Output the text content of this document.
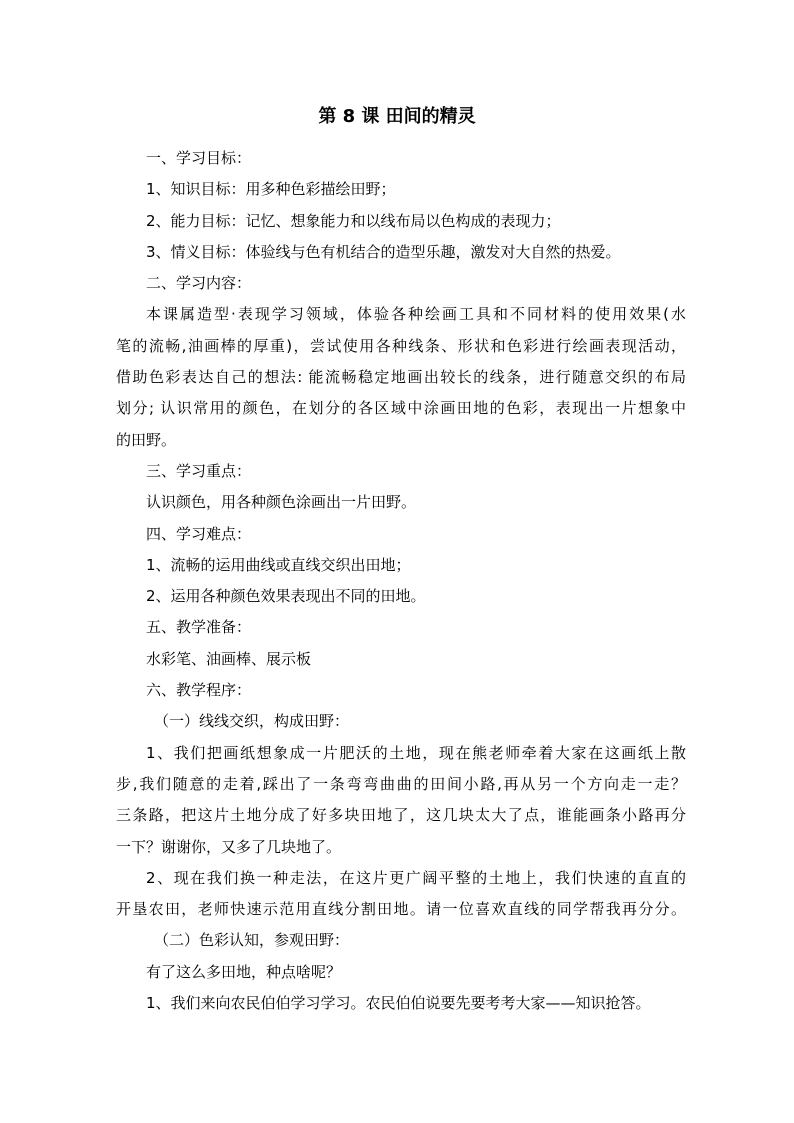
第 8 课 田间的精灵
一、学习目标：
1、知识目标：用多种色彩描绘田野；
2、能力目标：记忆、想象能力和以线布局以色构成的表现力；
3、情义目标：体验线与色有机结合的造型乐趣，激发对大自然的热爱。
二、学习内容：
本课属造型·表现学习领域，体验各种绘画工具和不同材料的使用效果(水
笔的流畅,油画棒的厚重)，尝试使用各种线条、形状和色彩进行绘画表现活动，
借助色彩表达自己的想法: 能流畅稳定地画出较长的线条，进行随意交织的布局
划分; 认识常用的颜色，在划分的各区域中涂画田地的色彩，表现出一片想象中
的田野。
三、学习重点：
认识颜色，用各种颜色涂画出一片田野。
四、学习难点：
1、流畅的运用曲线或直线交织出田地；
2、运用各种颜色效果表现出不同的田地。
五、教学准备：
水彩笔、油画棒、展示板
六、教学程序：
（一）线线交织，构成田野：
1、我们把画纸想象成一片肥沃的土地，现在熊老师牵着大家在这画纸上散
步,我们随意的走着,踩出了一条弯弯曲曲的田间小路,再从另一个方向走一走？
三条路，把这片土地分成了好多块田地了，这几块太大了点，谁能画条小路再分
一下？谢谢你，又多了几块地了。
2、现在我们换一种走法，在这片更广阔平整的土地上，我们快速的直直的
开垦农田，老师快速示范用直线分割田地。请一位喜欢直线的同学帮我再分分。
（二）色彩认知，参观田野：
有了这么多田地，种点啥呢？
1、我们来向农民伯伯学习学习。农民伯伯说要先要考考大家——知识抢答。
